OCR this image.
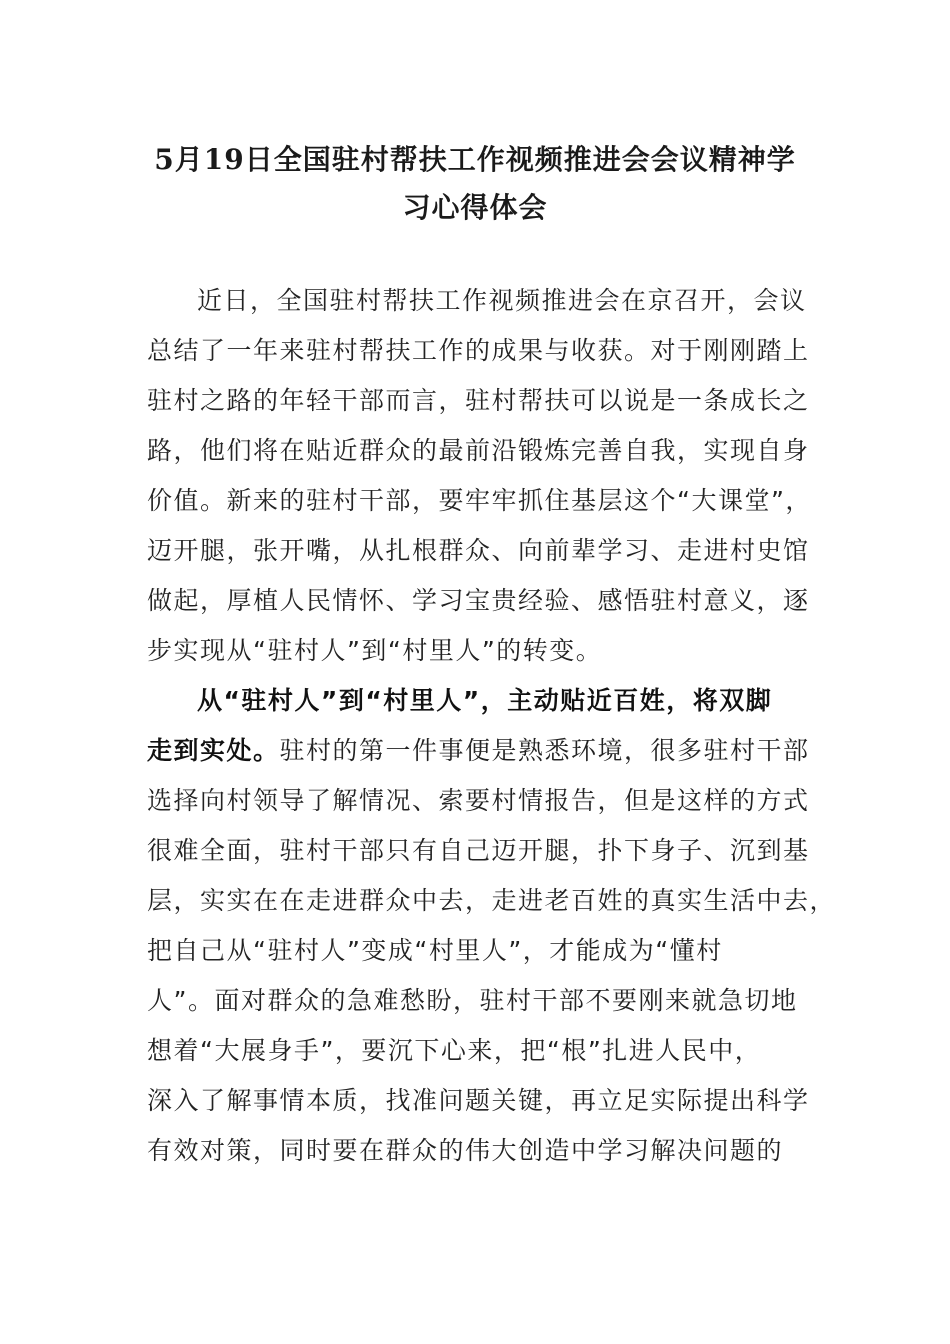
5月19日全国驻村帮扶工作视频推进会会议精神学
习心得体会
近日，全国驻村帮扶工作视频推进会在京召开，会议
总结了一年来驻村帮扶工作的成果与收获。对于刚刚踏上
驻村之路的年轻干部而言，驻村帮扶可以说是一条成长之
路，他们将在贴近群众的最前沿锻炼完善自我，实现自身
价值。新来的驻村干部，要牢牢抓住基层这个“大课堂”，
迈开腿，张开嘴，从扎根群众、向前辈学习、走进村史馆
做起，厚植人民情怀、学习宝贵经验、感悟驻村意义，逐
步实现从“驻村人”到“村里人”的转变。
从“驻村人”到“村里人”，主动贴近百姓，将双脚
走到实处。驻村的第一件事便是熟悉环境，很多驻村干部
选择向村领导了解情况、索要村情报告，但是这样的方式
很难全面，驻村干部只有自己迈开腿，扑下身子、沉到基
层，实实在在走进群众中去，走进老百姓的真实生活中去，
把自己从“驻村人”变成“村里人”，才能成为“懂村
人”。面对群众的急难愁盼，驻村干部不要刚来就急切地
想着“大展身手”，要沉下心来，把“根”扎进人民中，
深入了解事情本质，找准问题关键，再立足实际提出科学
有效对策，同时要在群众的伟大创造中学习解决问题的
